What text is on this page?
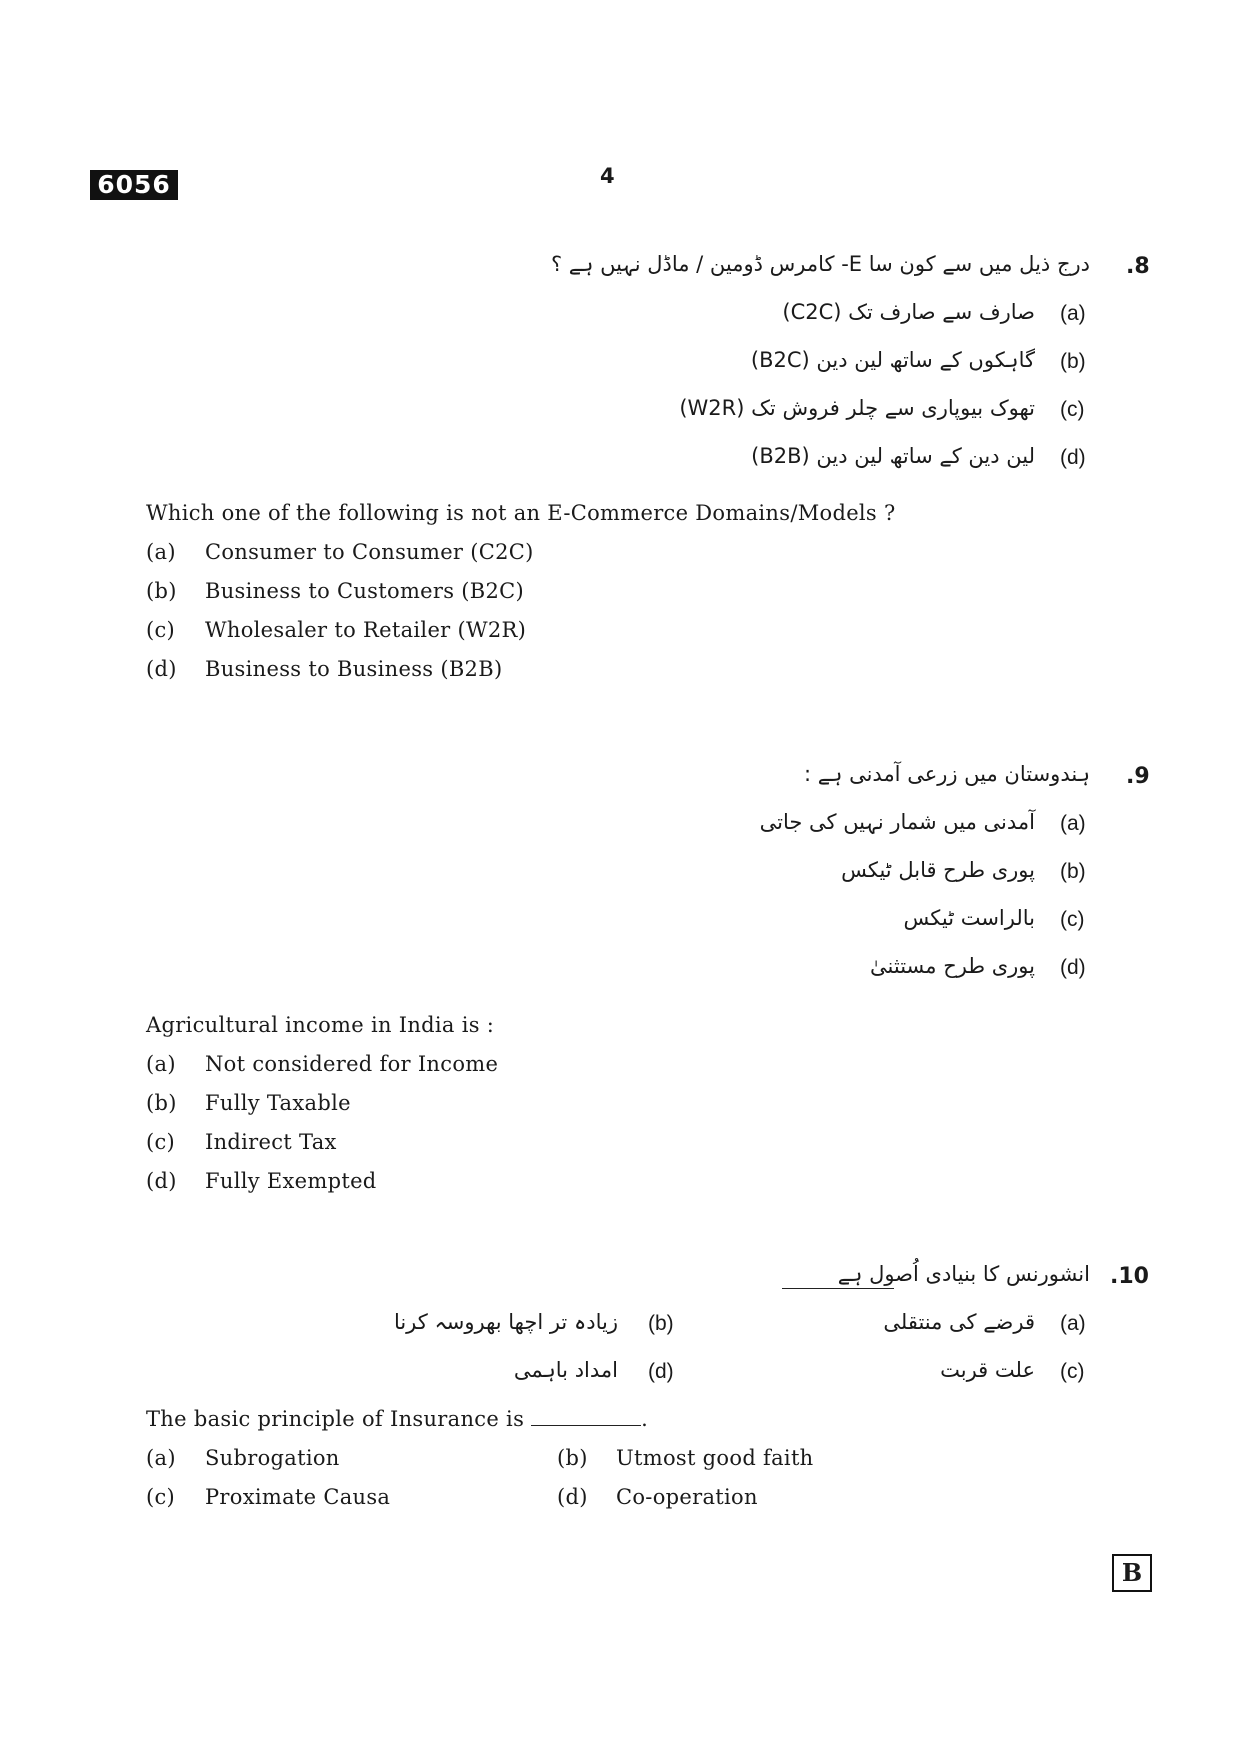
6056	4
.8
درج ذیل میں سے کون سا E- کامرس ڈومین / ماڈل نہیں ہے ؟
(a)
صارف سے صارف تک (C2C)
(b)
گاہکوں کے ساتھ لین دین (B2C)
(c)
تھوک بیوپاری سے چلر فروش تک (W2R)
(d)
لین دین کے ساتھ لین دین (B2B)
Which one of the following is not an E-Commerce Domains/Models ?
(a) Consumer to Consumer (C2C)
(b) Business to Customers (B2C)
(c) Wholesaler to Retailer (W2R)
(d) Business to Business (B2B)
.9
ہندوستان میں زرعی آمدنی ہے :
(a)
آمدنی میں شمار نہیں کی جاتی
(b)
پوری طرح قابل ٹیکس
(c)
بالراست ٹیکس
(d)
پوری طرح مستثنیٰ
Agricultural income in India is :
(a) Not considered for Income
(b) Fully Taxable
(c) Indirect Tax
(d) Fully Exempted
.10
انشورنس کا بنیادی اُصول ہے
(a)
قرضے کی منتقلی
(b)
زیادہ تر اچھا بھروسہ کرنا
(c)
علت قربت
(d)
امداد باہمی
The basic principle of Insurance is	.
(a) Subrogation	(b) Utmost good faith
(c) Proximate Causa	(d) Co-operation
B
